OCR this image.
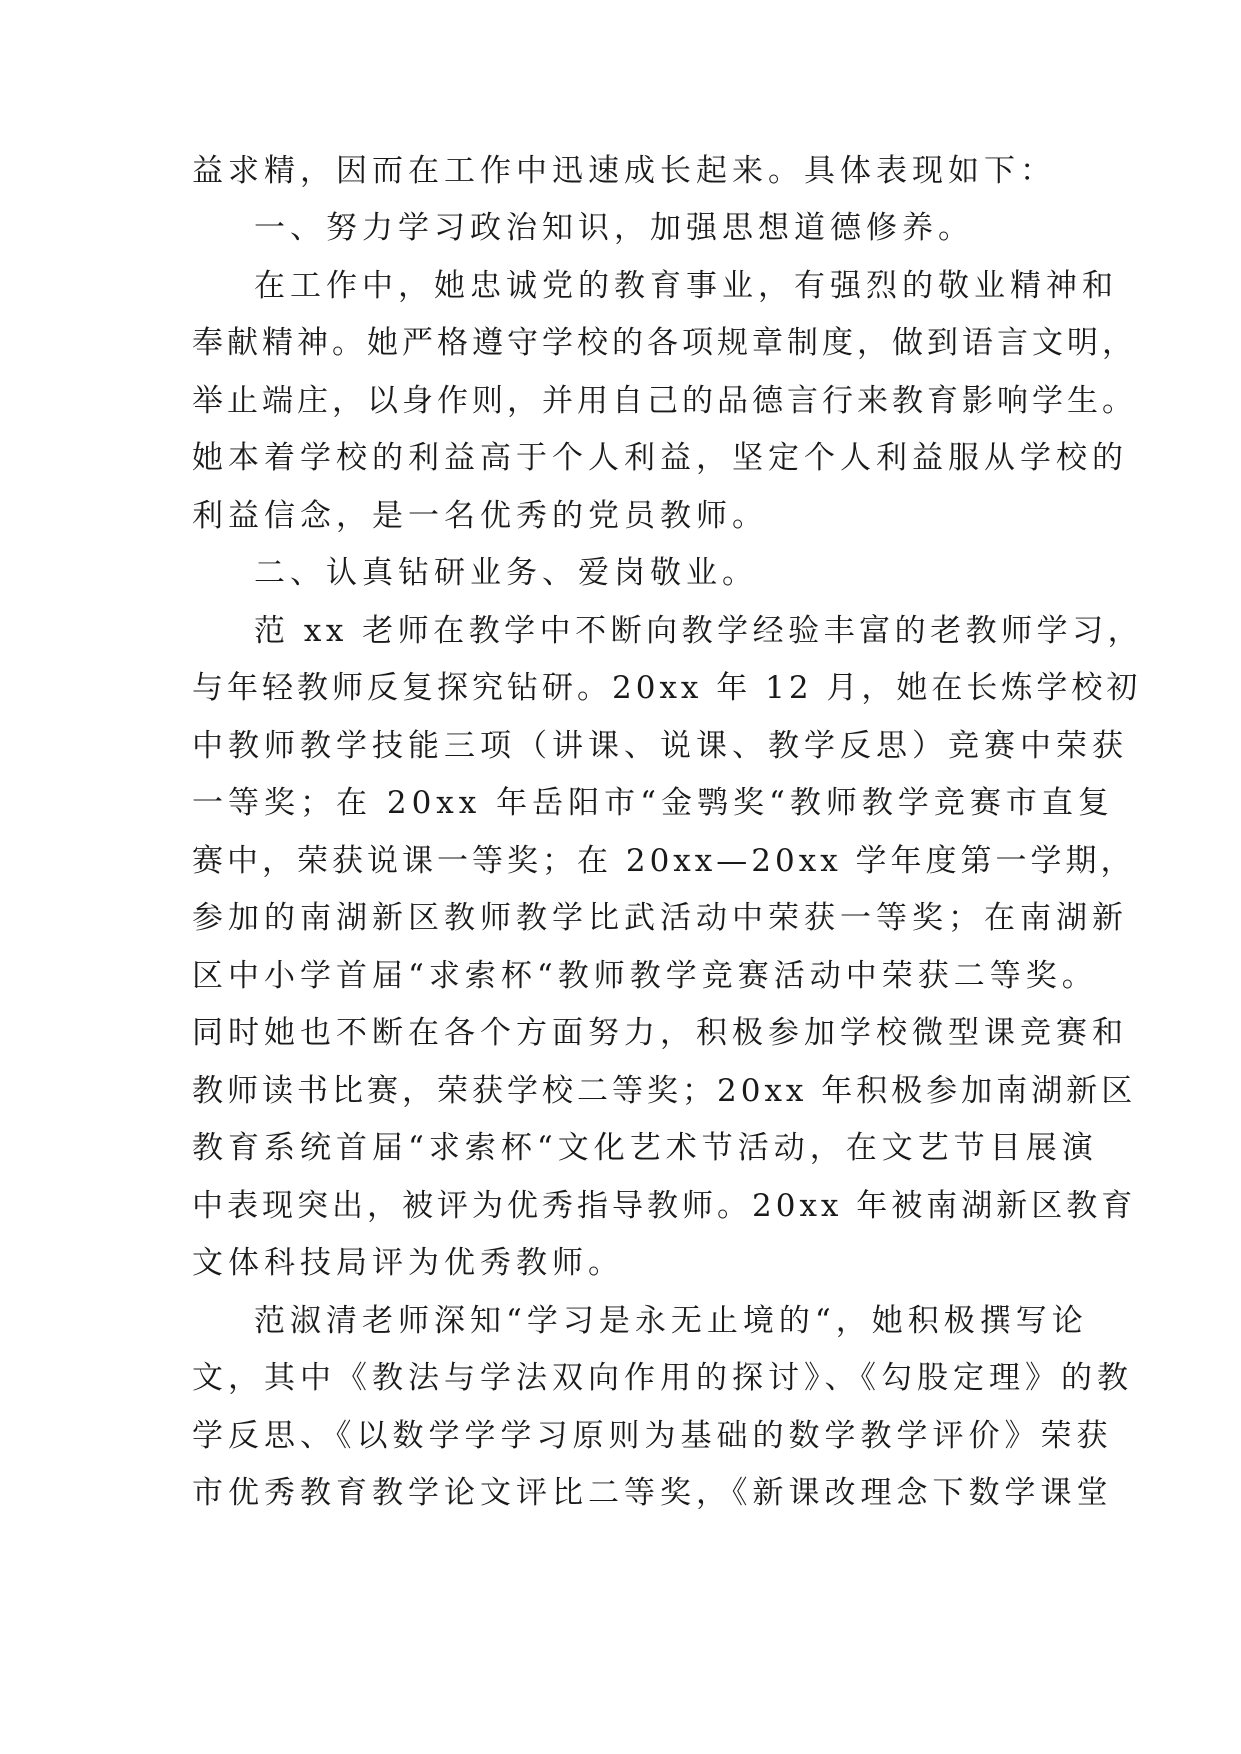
益求精，因而在工作中迅速成长起来。具体表现如下：
一、努力学习政治知识，加强思想道德修养。
在工作中，她忠诚党的教育事业，有强烈的敬业精神和
奉献精神。她严格遵守学校的各项规章制度，做到语言文明，
举止端庄，以身作则，并用自己的品德言行来教育影响学生。
她本着学校的利益高于个人利益，坚定个人利益服从学校的
利益信念，是一名优秀的党员教师。
二、认真钻研业务、爱岗敬业。
范 xx 老师在教学中不断向教学经验丰富的老教师学习，
与年轻教师反复探究钻研。20xx 年 12 月，她在长炼学校初
中教师教学技能三项（讲课、说课、教学反思）竞赛中荣获
一等奖；在 20xx 年岳阳市“金鹗奖“教师教学竞赛市直复
赛中，荣获说课一等奖；在 20xx—20xx 学年度第一学期，
参加的南湖新区教师教学比武活动中荣获一等奖；在南湖新
区中小学首届“求索杯“教师教学竞赛活动中荣获二等奖。
同时她也不断在各个方面努力，积极参加学校微型课竞赛和
教师读书比赛，荣获学校二等奖；20xx 年积极参加南湖新区
教育系统首届“求索杯“文化艺术节活动，在文艺节目展演
中表现突出，被评为优秀指导教师。20xx 年被南湖新区教育
文体科技局评为优秀教师。
范淑清老师深知“学习是永无止境的“，她积极撰写论
文，其中《教法与学法双向作用的探讨》、《勾股定理》的教
学反思、《以数学学学习原则为基础的数学教学评价》荣获
市优秀教育教学论文评比二等奖，《新课改理念下数学课堂
